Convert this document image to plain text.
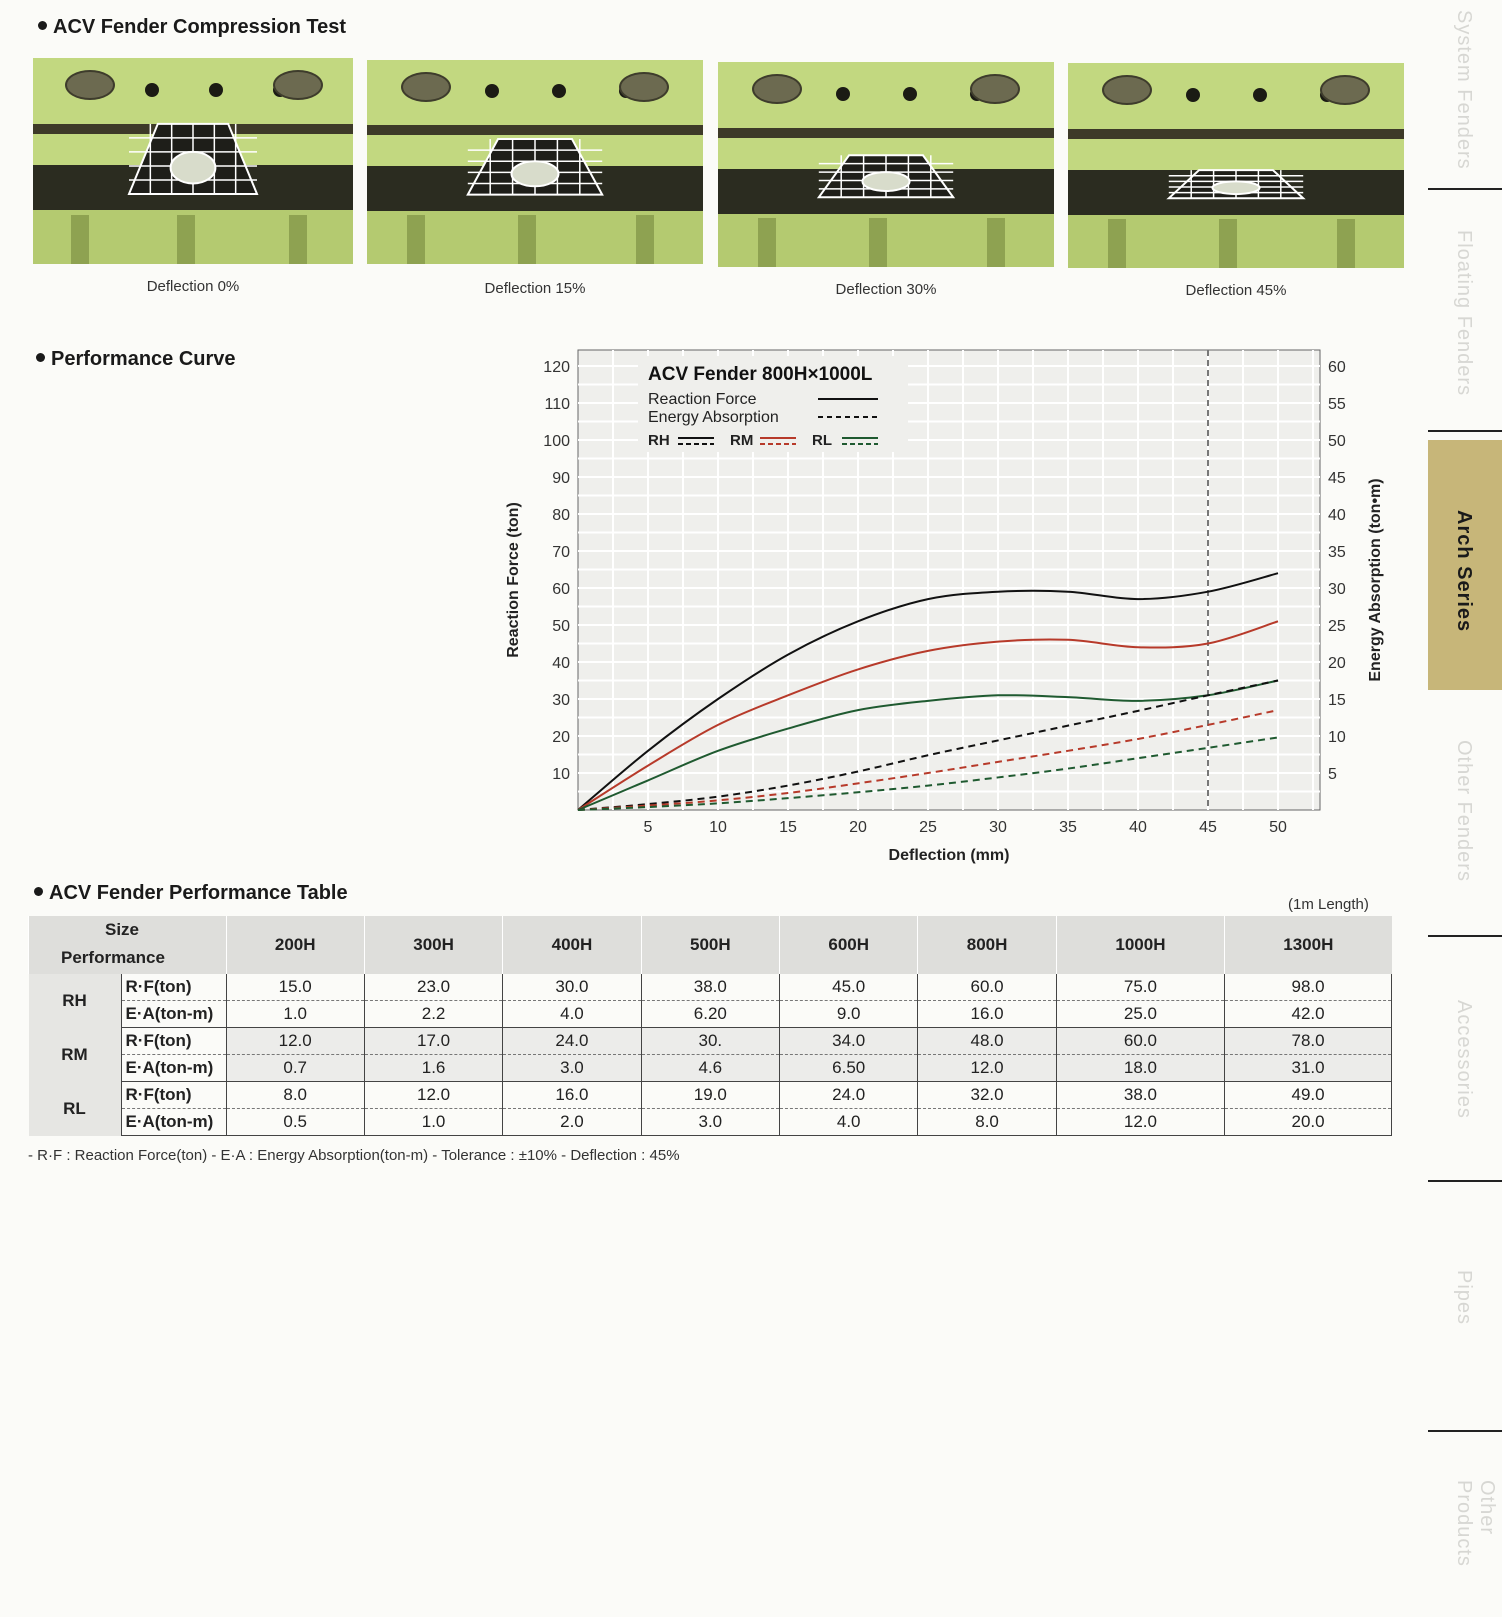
ACV Fender Compression Test
Deflection 0%	Deflection 15%	Deflection 30%	Deflection 45%
Performance Curve
5	10	15	20	25	30	35	40	45	50
10
20
30
40
50
60
70
80
90
100
110
120
5
10
15
20
25
30
35
40
45
50
55
60
Deflection (mm)
Reaction Force (ton)	Energy Absorption (ton•m)
ACV Fender 800H×1000L
Reaction Force
Energy Absorption
RH	RM	RL
ACV Fender Performance Table
(1m Length)
Size
Performance		200H	300H	400H	500H	600H	800H	1000H	1300H
RH	R·F(ton)	15.0	23.0	30.0	38.0	45.0	60.0	75.0	98.0
	E·A(ton-m)	1.0	2.2	4.0	6.20	9.0	16.0	25.0	42.0
RM	R·F(ton)	12.0	17.0	24.0	30.	34.0	48.0	60.0	78.0
	E·A(ton-m)	0.7	1.6	3.0	4.6	6.50	12.0	18.0	31.0
RL	R·F(ton)	8.0	12.0	16.0	19.0	24.0	32.0	38.0	49.0
	E·A(ton-m)	0.5	1.0	2.0	3.0	4.0	8.0	12.0	20.0
- R·F : Reaction Force(ton) - E·A : Energy Absorption(ton-m) - Tolerance : ±10% - Deflection : 45%
System Fenders
Floating Fenders
Arch Series
Other Fenders
Accessories
Pipes
Other Products
